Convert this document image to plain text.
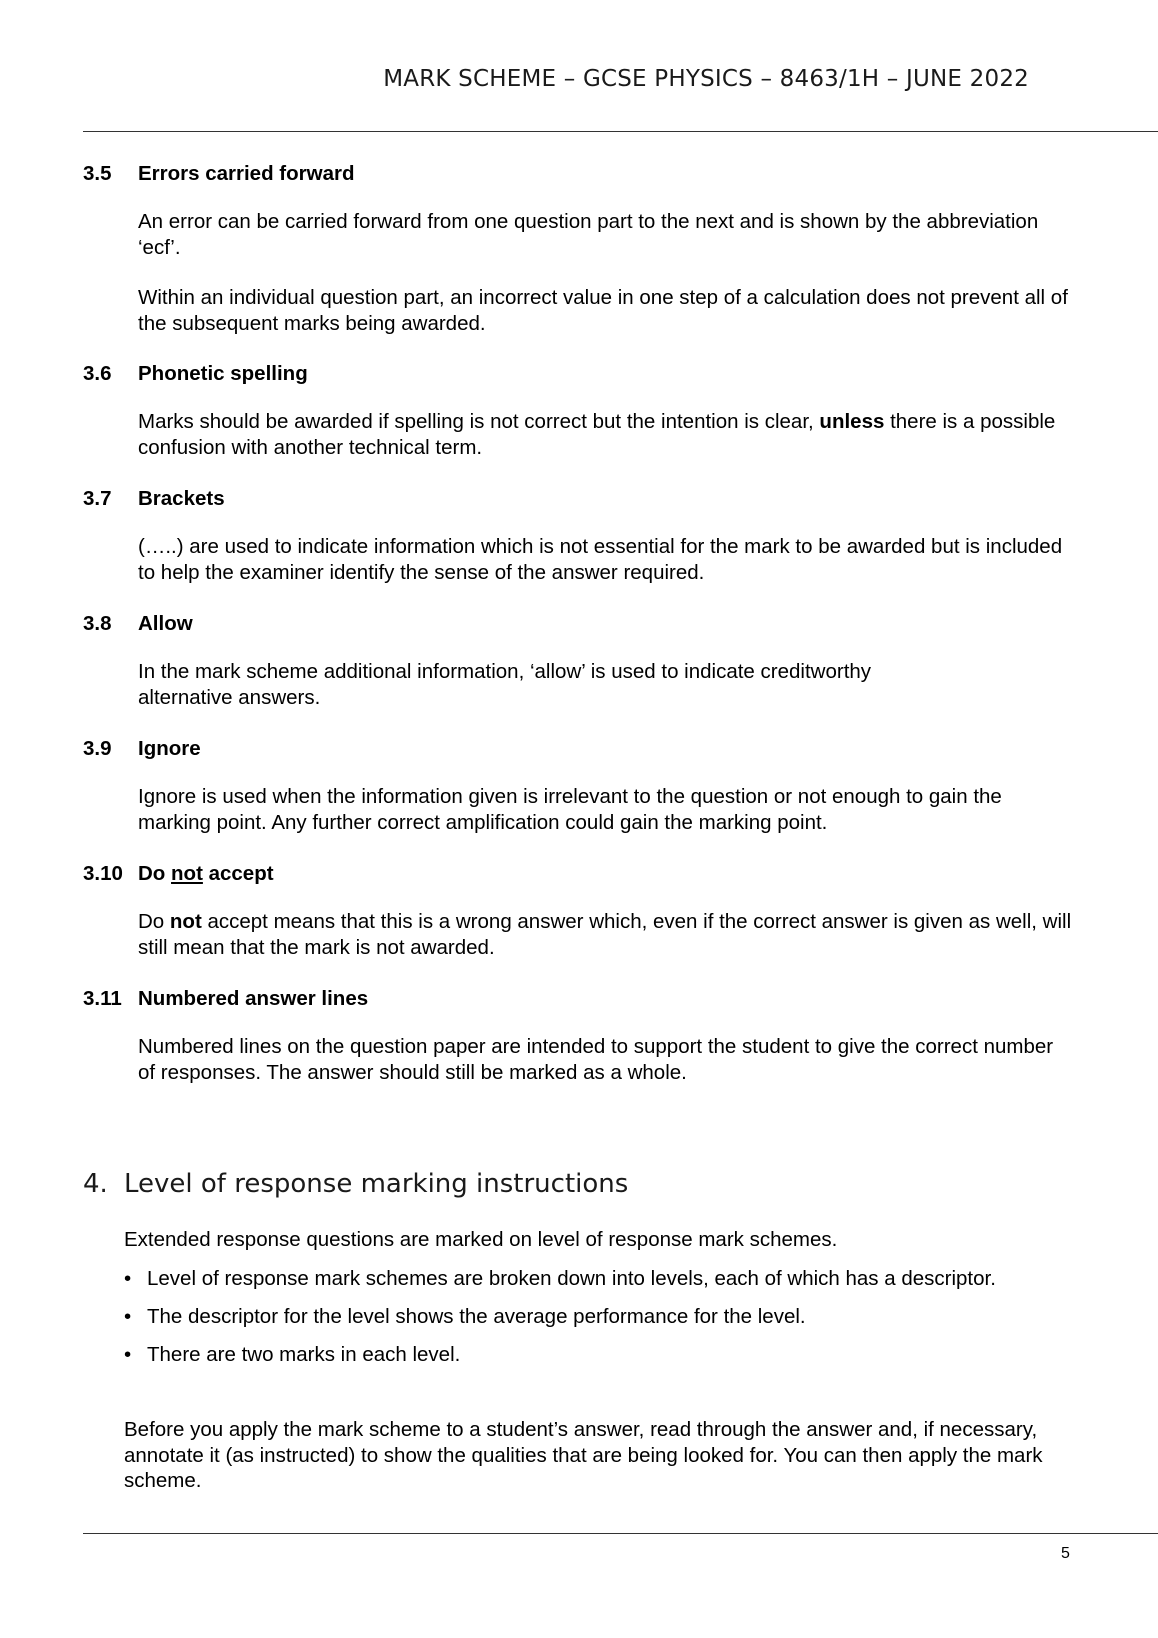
MARK SCHEME – GCSE PHYSICS – 8463/1H – JUNE 2022
3.5 Errors carried forward
An error can be carried forward from one question part to the next and is shown by the abbreviation ‘ecf’.
Within an individual question part, an incorrect value in one step of a calculation does not prevent all of the subsequent marks being awarded.
3.6 Phonetic spelling
Marks should be awarded if spelling is not correct but the intention is clear, unless there is a possible confusion with another technical term.
3.7 Brackets
(…..) are used to indicate information which is not essential for the mark to be awarded but is included to help the examiner identify the sense of the answer required.
3.8 Allow
In the mark scheme additional information, ‘allow’ is used to indicate creditworthy
alternative answers.
3.9 Ignore
Ignore is used when the information given is irrelevant to the question or not enough to gain the marking point. Any further correct amplification could gain the marking point.
3.10 Do not accept
Do not accept means that this is a wrong answer which, even if the correct answer is given as well, will still mean that the mark is not awarded.
3.11 Numbered answer lines
Numbered lines on the question paper are intended to support the student to give the correct number of responses. The answer should still be marked as a whole.
4. Level of response marking instructions
Extended response questions are marked on level of response mark schemes.
• Level of response mark schemes are broken down into levels, each of which has a descriptor.
• The descriptor for the level shows the average performance for the level.
• There are two marks in each level.
Before you apply the mark scheme to a student’s answer, read through the answer and, if necessary, annotate it (as instructed) to show the qualities that are being looked for. You can then apply the mark scheme.
5
